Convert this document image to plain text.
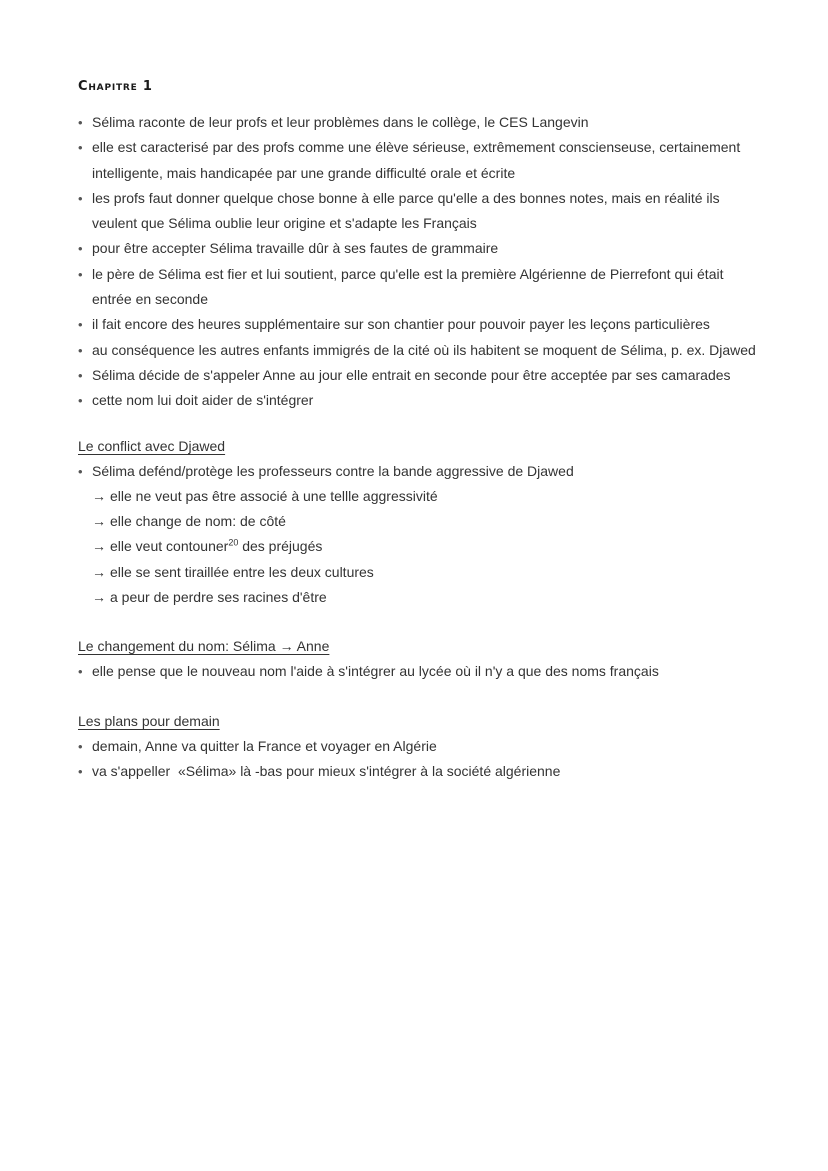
Chapitre 1
• Sélima raconte de leur profs et leur problèmes dans le collège, le CES Langevin
• elle est caracterisé par des profs comme une élève sérieuse, extrêmement conscienseuse, certainement intelligente, mais handicapée par une grande difficulté orale et écrite
• les profs faut donner quelque chose bonne à elle parce qu'elle a des bonnes notes, mais en réalité ils veulent que Sélima oublie leur origine et s'adapte les Français
• pour être accepter Sélima travaille dûr à ses fautes de grammaire
• le père de Sélima est fier et lui soutient, parce qu'elle est la première Algérienne de Pierrefont qui était entrée en seconde
• il fait encore des heures supplémentaire sur son chantier pour pouvoir payer les leçons particulières
• au conséquence les autres enfants immigrés de la cité où ils habitent se moquent de Sélima, p. ex. Djawed
• Sélima décide de s'appeler Anne au jour elle entrait en seconde pour être acceptée par ses camarades
• cette nom lui doit aider de s'intégrer
Le conflict avec Djawed
• Sélima defénd/protège les professeurs contre la bande aggressive de Djawed
→ elle ne veut pas être associé à une tellle aggressivité
→ elle change de nom: de côté
→ elle veut contouner$^{20}$ des préjugés
→ elle se sent tiraillée entre les deux cultures
→ a peur de perdre ses racines d'être
Le changement du nom: Sélima → Anne
• elle pense que le nouveau nom l'aide à s'intégrer au lycée où il n'y a que des noms français
Les plans pour demain
• demain, Anne va quitter la France et voyager en Algérie
• va s'appeller  «Sélima» là -bas pour mieux s'intégrer à la société algérienne
